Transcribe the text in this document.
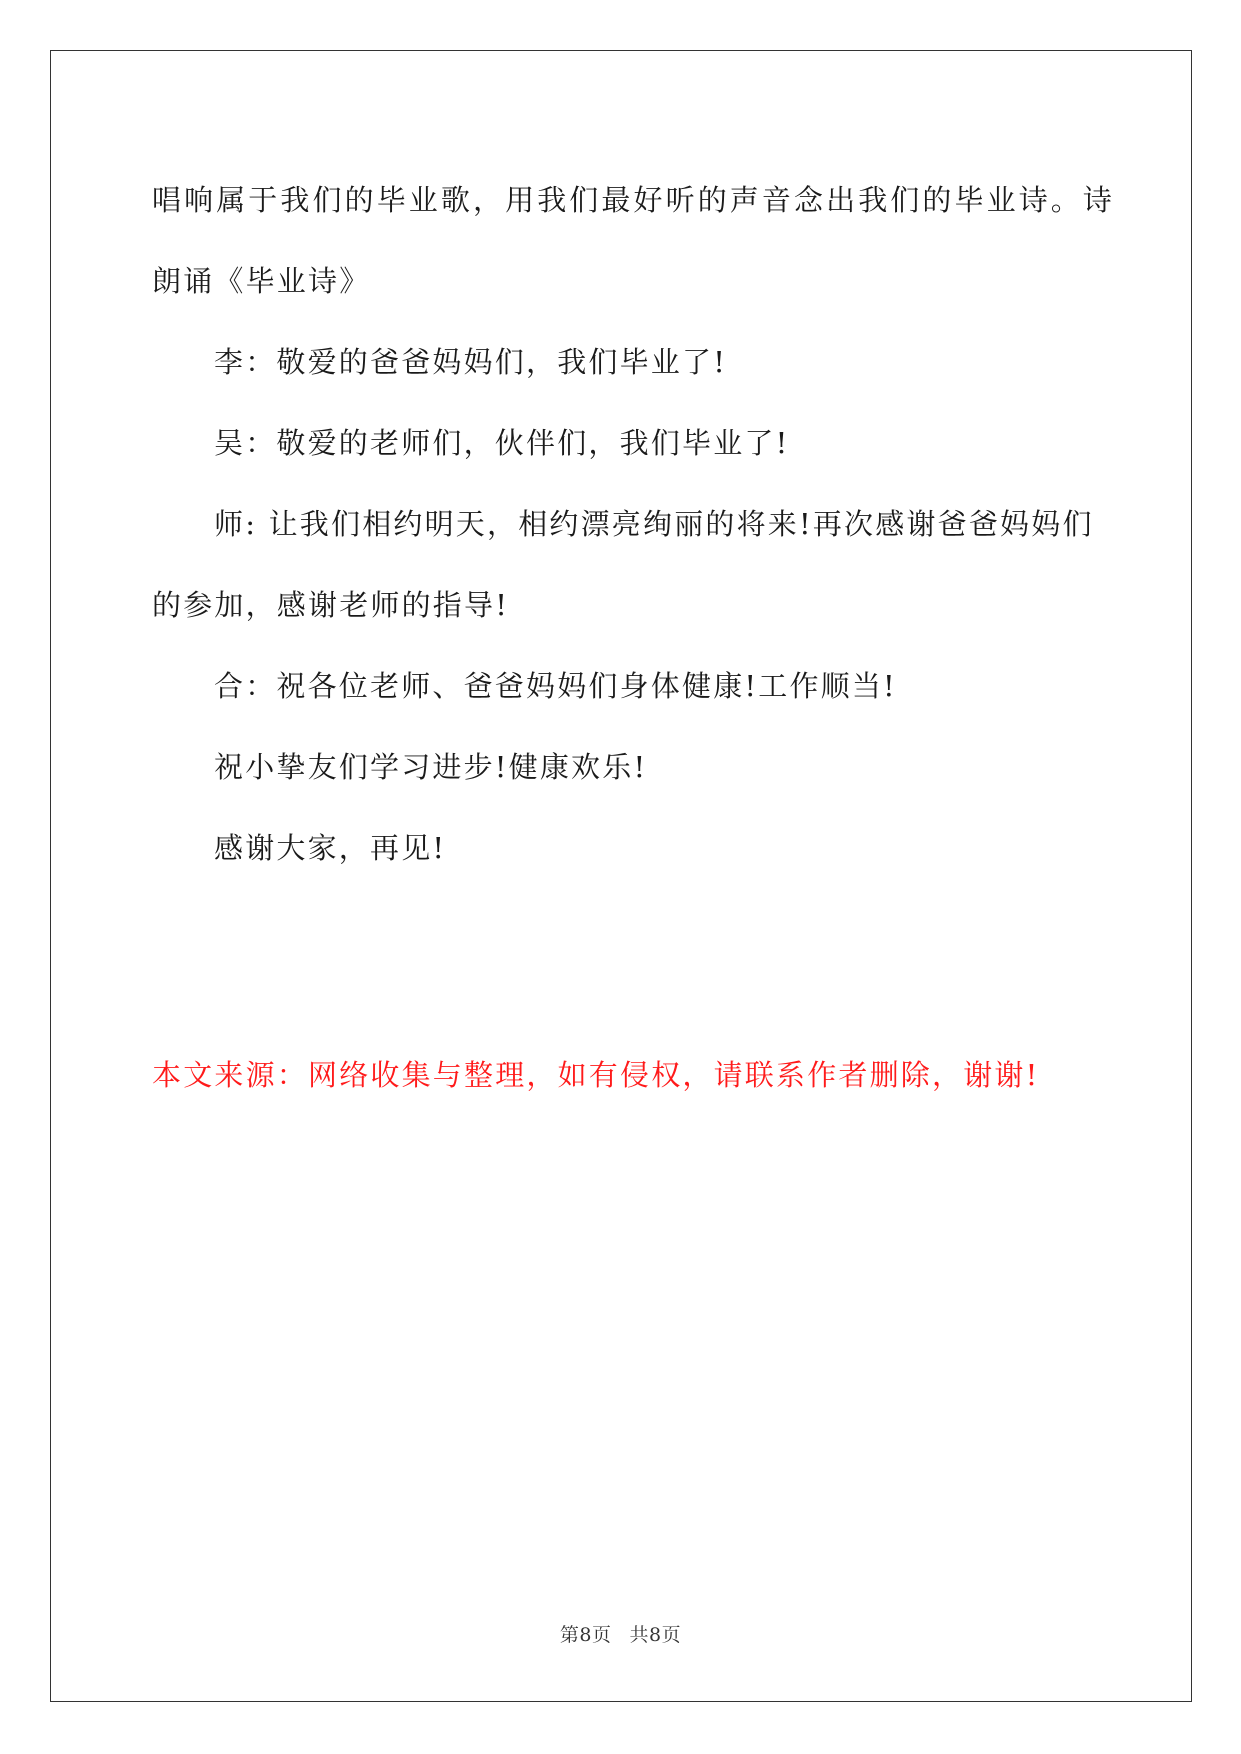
唱响属于我们的毕业歌，用我们最好听的声音念出我们的毕业诗。诗
朗诵《毕业诗》
李：敬爱的爸爸妈妈们，我们毕业了!
吴：敬爱的老师们，伙伴们，我们毕业了!
师: 让我们相约明天，相约漂亮绚丽的将来!再次感谢爸爸妈妈们
的参加，感谢老师的指导!
合：祝各位老师、爸爸妈妈们身体健康!工作顺当!
祝小挚友们学习进步!健康欢乐!
感谢大家，再见!
本文来源：网络收集与整理，如有侵权，请联系作者删除，谢谢!
第8页 共8页
